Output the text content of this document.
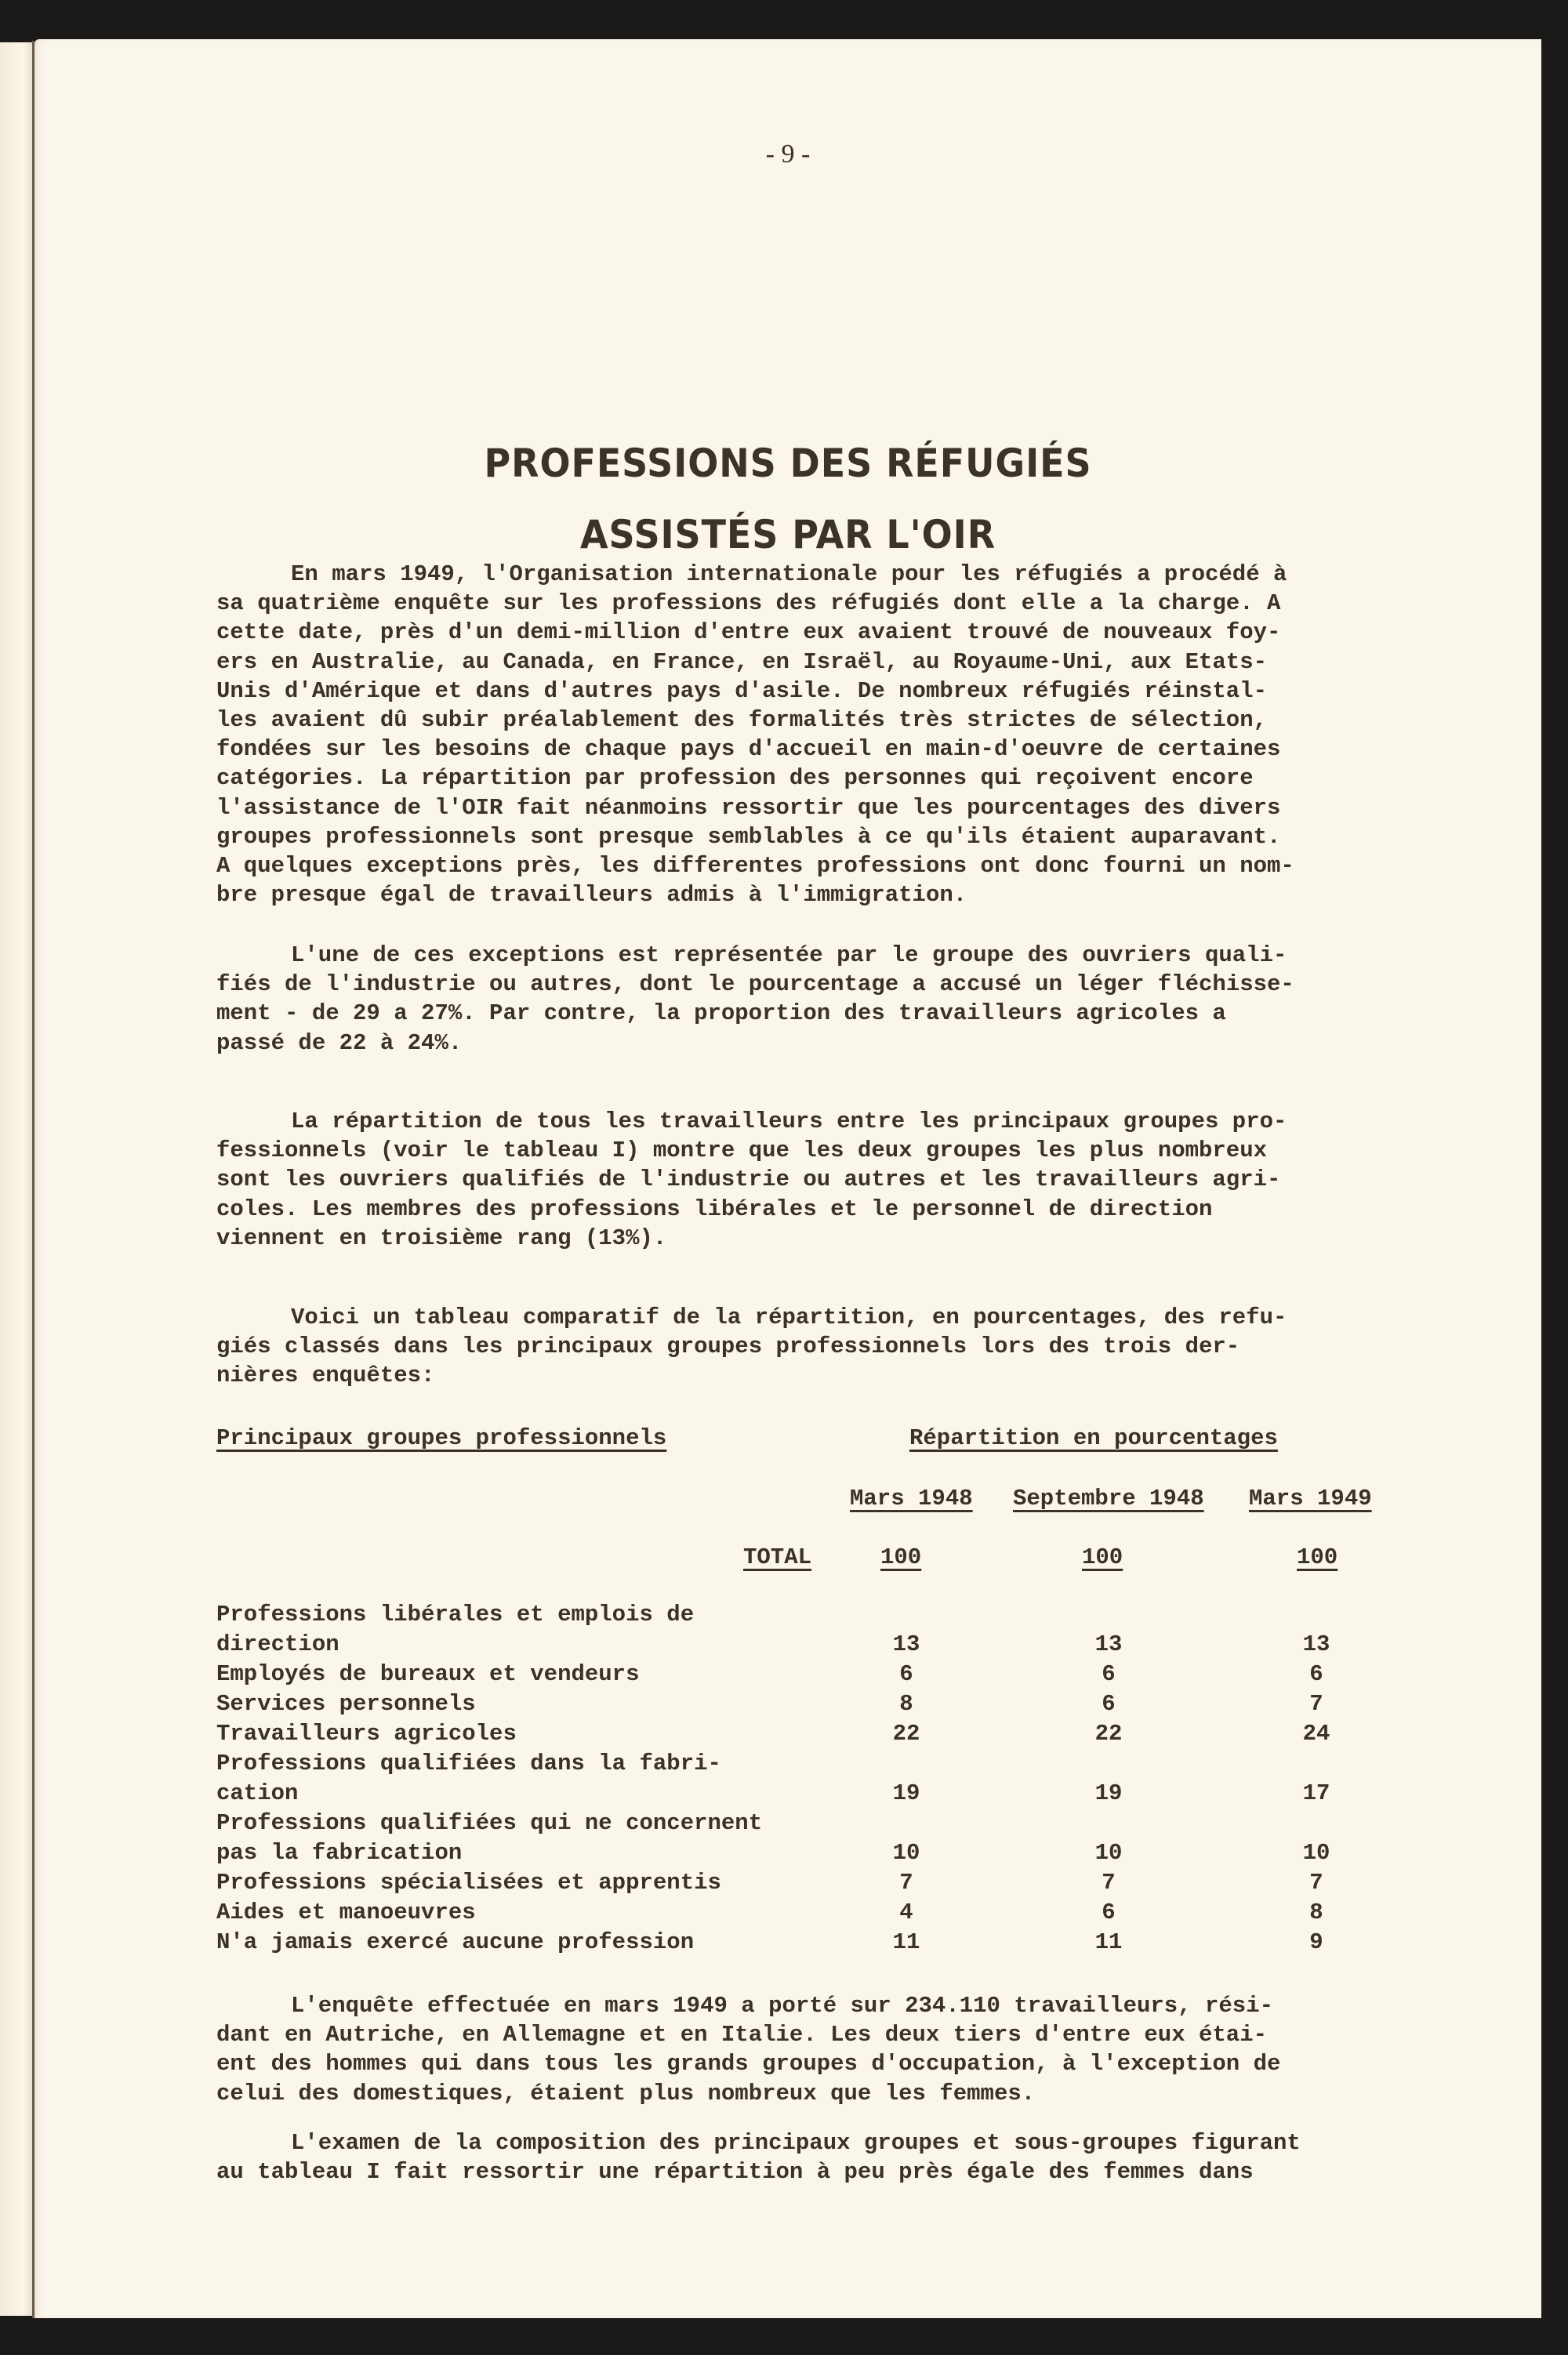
- 9 -
PROFESSIONS DES RÉFUGIÉS
ASSISTÉS PAR L'OIR
En mars 1949, l'Organisation internationale pour les réfugiés a procédé à
sa quatrième enquête sur les professions des réfugiés dont elle a la charge. A
cette date, près d'un demi-million d'entre eux avaient trouvé de nouveaux foy-
ers en Australie, au Canada, en France, en Israël, au Royaume-Uni, aux Etats-
Unis d'Amérique et dans d'autres pays d'asile. De nombreux réfugiés réinstal-
les avaient dû subir préalablement des formalités très strictes de sélection,
fondées sur les besoins de chaque pays d'accueil en main-d'oeuvre de certaines
catégories. La répartition par profession des personnes qui reçoivent encore
l'assistance de l'OIR fait néanmoins ressortir que les pourcentages des divers
groupes professionnels sont presque semblables à ce qu'ils étaient auparavant.
A quelques exceptions près, les differentes professions ont donc fourni un nom-
bre presque égal de travailleurs admis à l'immigration.
L'une de ces exceptions est représentée par le groupe des ouvriers quali-
fiés de l'industrie ou autres, dont le pourcentage a accusé un léger fléchisse-
ment - de 29 a 27%. Par contre, la proportion des travailleurs agricoles a
passé de 22 à 24%.
La répartition de tous les travailleurs entre les principaux groupes pro-
fessionnels (voir le tableau I) montre que les deux groupes les plus nombreux
sont les ouvriers qualifiés de l'industrie ou autres et les travailleurs agri-
coles. Les membres des professions libérales et le personnel de direction
viennent en troisième rang (13%).
Voici un tableau comparatif de la répartition, en pourcentages, des refu-
giés classés dans les principaux groupes professionnels lors des trois der-
nières enquêtes:
Principaux groupes professionnels	Répartition en pourcentages
Mars 1948 Septembre 1948 Mars 1949
TOTAL	100	100	100
Professions libérales et emplois de
direction	13	13	13
Employés de bureaux et vendeurs	6	6	6
Services personnels	8	6	7
Travailleurs agricoles	22	22	24
Professions qualifiées dans la fabri-
cation	19	19	17
Professions qualifiées qui ne concernent
pas la fabrication	10	10	10
Professions spécialisées et apprentis	7	7	7
Aides et manoeuvres	4	6	8
N'a jamais exercé aucune profession	11	11	9
L'enquête effectuée en mars 1949 a porté sur 234.110 travailleurs, rési-
dant en Autriche, en Allemagne et en Italie. Les deux tiers d'entre eux étai-
ent des hommes qui dans tous les grands groupes d'occupation, à l'exception de
celui des domestiques, étaient plus nombreux que les femmes.
L'examen de la composition des principaux groupes et sous-groupes figurant
au tableau I fait ressortir une répartition à peu près égale des femmes dans
